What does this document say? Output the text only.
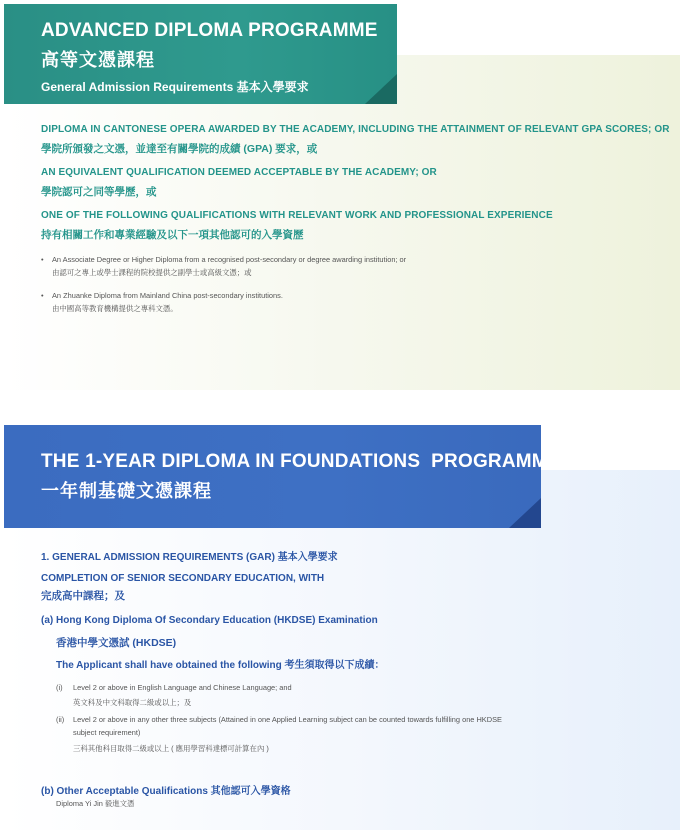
ADVANCED DIPLOMA PROGRAMME
高等文憑課程
General Admission Requirements 基本入學要求
DIPLOMA IN CANTONESE OPERA AWARDED BY THE ACADEMY, INCLUDING THE ATTAINMENT OF RELEVANT GPA SCORES; OR
學院所頒發之文憑，並達至有關學院的成績 (GPA) 要求，或
AN EQUIVALENT QUALIFICATION DEEMED ACCEPTABLE BY THE ACADEMY; OR
學院認可之同等學歷，或
ONE OF THE FOLLOWING QUALIFICATIONS WITH RELEVANT WORK AND PROFESSIONAL EXPERIENCE
持有相關工作和專業經驗及以下一項其他認可的入學資歷
• An Associate Degree or Higher Diploma from a recognised post-secondary or degree awarding institution; or
由認可之專上或學士課程的院校提供之副學士或高級文憑；或
• An Zhuanke Diploma from Mainland China post-secondary institutions.
由中國高等教育機構提供之專科文憑。
THE 1-YEAR DIPLOMA IN FOUNDATIONS  PROGRAMME
一年制基礎文憑課程
1. GENERAL ADMISSION REQUIREMENTS (GAR) 基本入學要求
COMPLETION OF SENIOR SECONDARY EDUCATION, WITH
完成高中課程；及
(a) Hong Kong Diploma Of Secondary Education (HKDSE) Examination
香港中學文憑試 (HKDSE)
The Applicant shall have obtained the following 考生須取得以下成績：
(i) Level 2 or above in English Language and Chinese Language; and
英文科及中文科取得二級或以上；及
(ii) Level 2 or above in any other three subjects (Attained in one Applied Learning subject can be counted towards fulfilling one HKDSE
subject requirement)
三科其他科目取得二級或以上 ( 應用學習科達標可計算在內 )
(b) Other Acceptable Qualifications 其他認可入學資格
Diploma Yi Jin 毅進文憑
